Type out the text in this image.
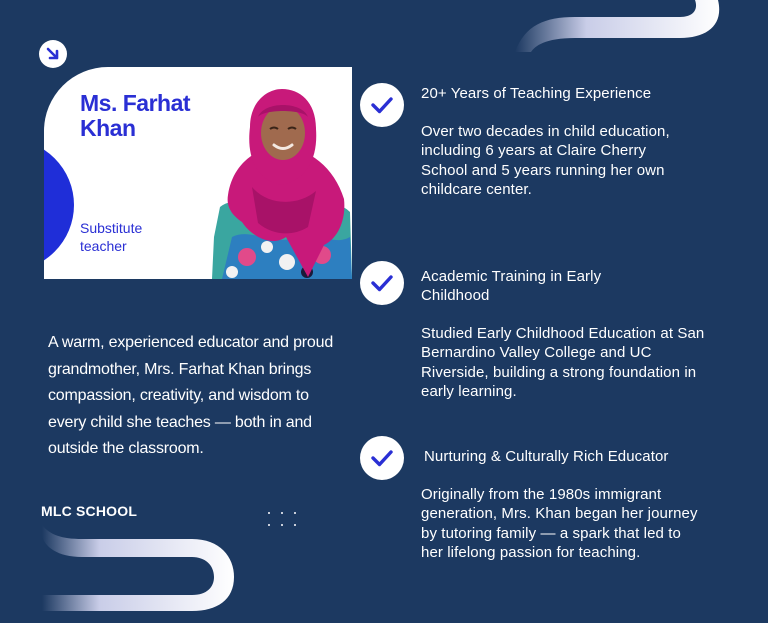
Ms. Farhat Khan
Substitute teacher
A warm, experienced educator and proud grandmother, Mrs. Farhat Khan brings compassion, creativity, and wisdom to every child she teaches — both in and outside the classroom.
MLC SCHOOL
20+ Years of Teaching Experience
Over two decades in child education, including 6 years at Claire Cherry School and 5 years running her own childcare center.
Academic Training in Early Childhood
Studied Early Childhood Education at San Bernardino Valley College and UC Riverside, building a strong foundation in early learning.
Nurturing & Culturally Rich Educator
Originally from the 1980s immigrant generation, Mrs. Khan began her journey by tutoring family — a spark that led to her lifelong passion for teaching.
